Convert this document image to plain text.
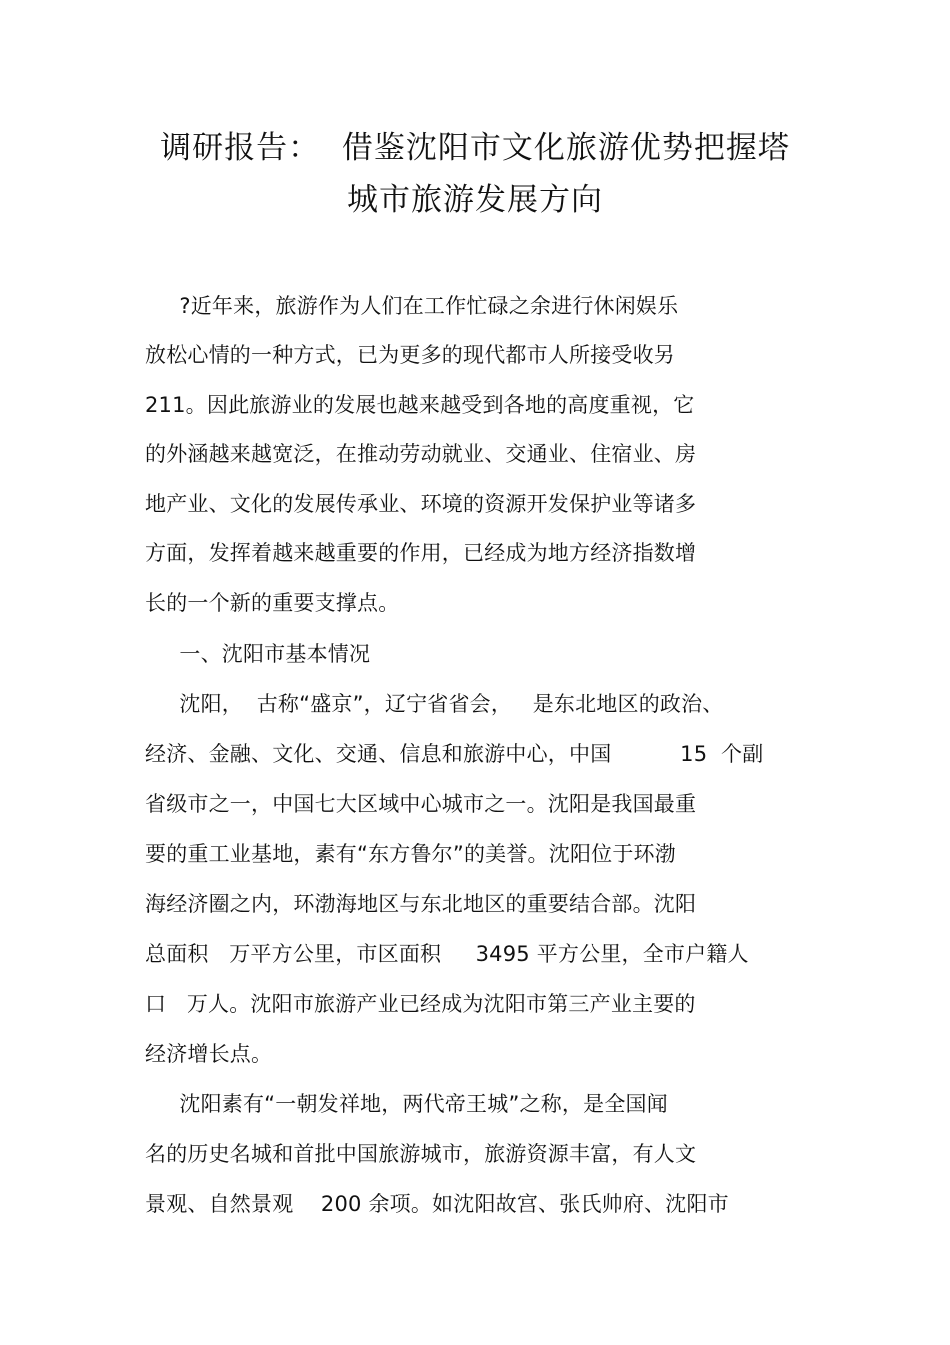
调研报告：  借鉴沈阳市文化旅游优势把握塔
城市旅游发展方向
?近年来，旅游作为人们在工作忙碌之余进行休闲娱乐
放松心情的一种方式，已为更多的现代都市人所接受收另
211。因此旅游业的发展也越来越受到各地的高度重视，它
的外涵越来越宽泛，在推动劳动就业、交通业、住宿业、房
地产业、文化的发展传承业、环境的资源开发保护业等诸多
方面，发挥着越来越重要的作用，已经成为地方经济指数增
长的一个新的重要支撑点。
一、沈阳市基本情况
沈阳，  古称“盛京”，辽宁省省会，   是东北地区的政治、
经济、金融、文化、交通、信息和旅游中心，中国          15  个副
省级市之一，中国七大区域中心城市之一。沈阳是我国最重
要的重工业基地，素有“东方鲁尔”的美誉。沈阳位于环渤
海经济圈之内，环渤海地区与东北地区的重要结合部。沈阳
总面积   万平方公里，市区面积     3495 平方公里，全市户籍人
口   万人。沈阳市旅游产业已经成为沈阳市第三产业主要的
经济增长点。
沈阳素有“一朝发祥地，两代帝王城”之称，是全国闻
名的历史名城和首批中国旅游城市，旅游资源丰富，有人文
景观、自然景观    200 余项。如沈阳故宫、张氏帅府、沈阳市
